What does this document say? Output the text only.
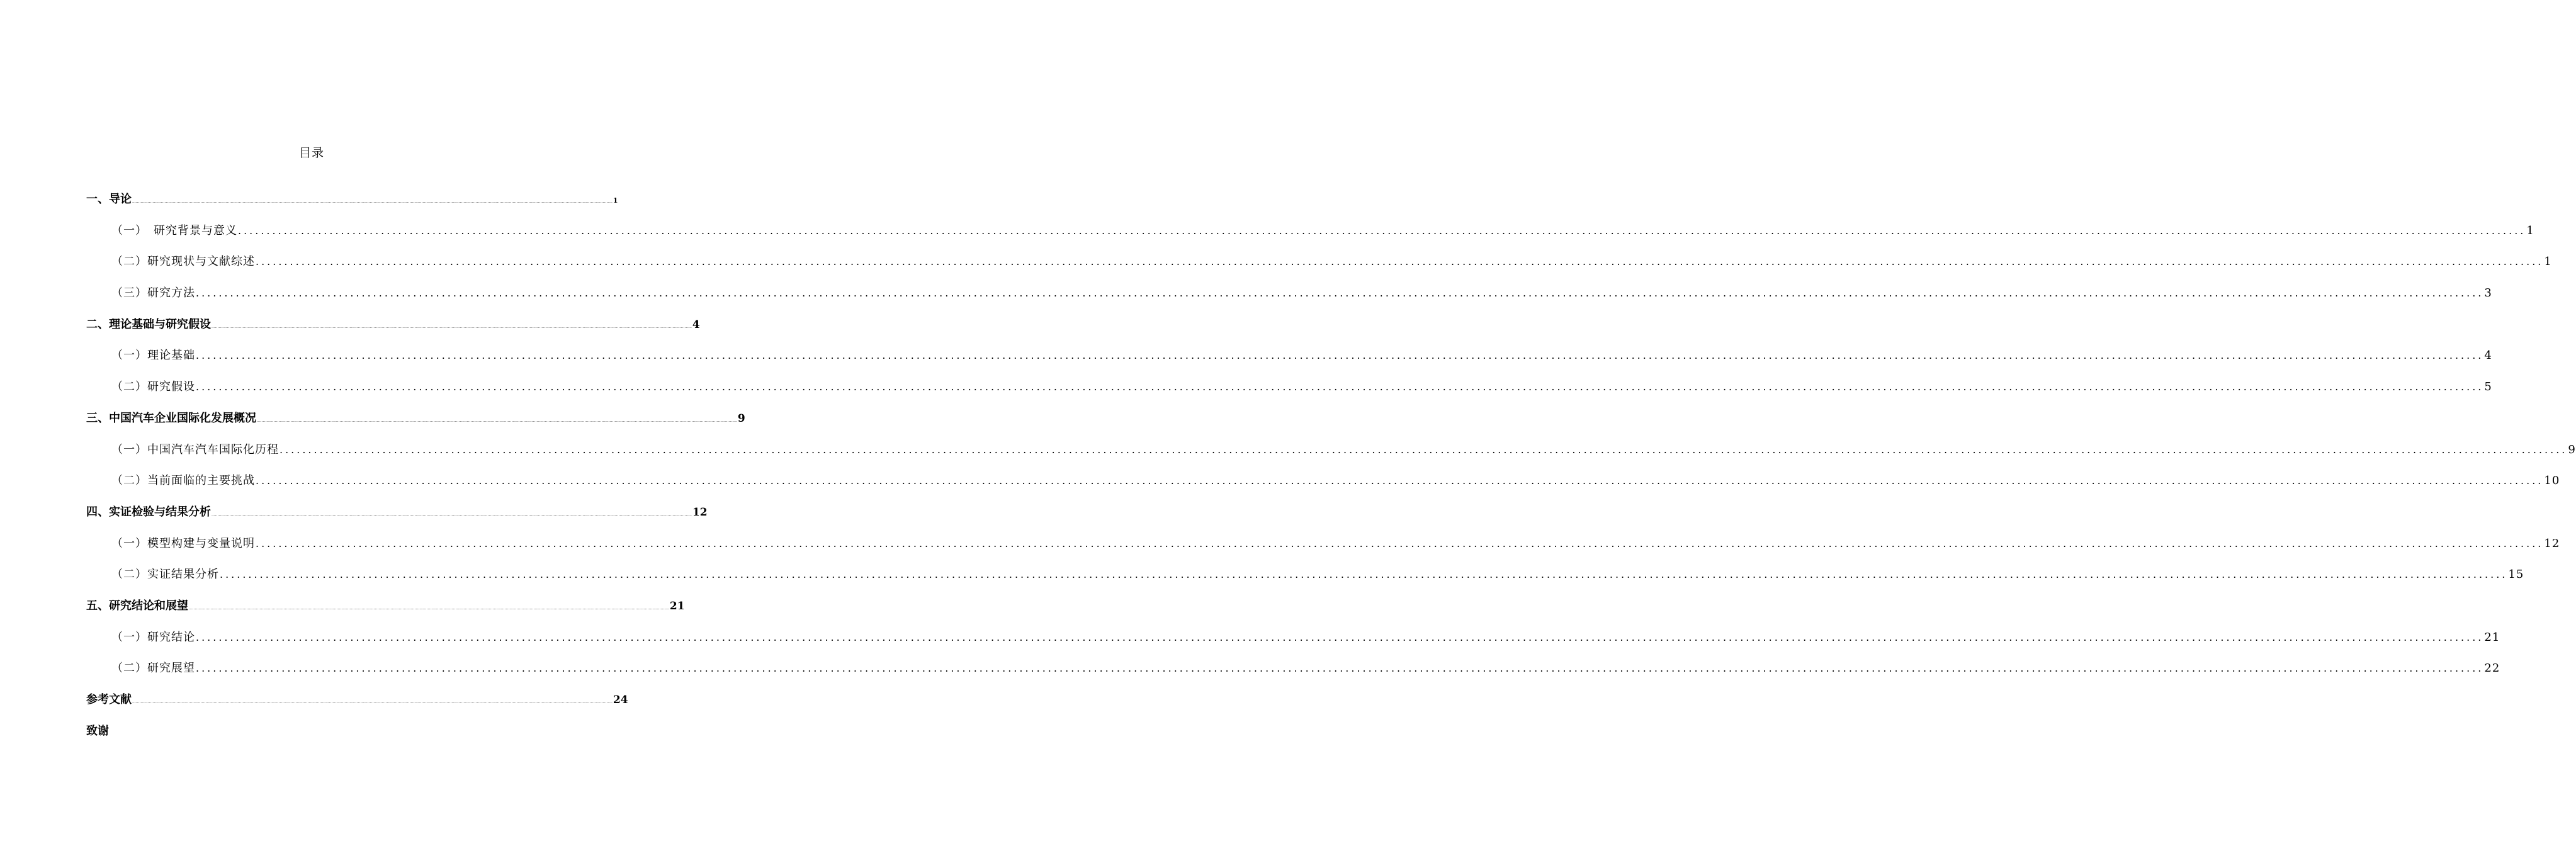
目录
一、导论 ................................................................................................................................................................................................................................................................................................................................................................................................................ 1
（一）　研究背景与意义 ................................................................................................................................................................................................................................................................................................................................................................................................................ 1
（二）研究现状与文献综述 ................................................................................................................................................................................................................................................................................................................................................................................................................ 1
（三）研究方法 ................................................................................................................................................................................................................................................................................................................................................................................................................ 3
二、理论基础与研究假设 ................................................................................................................................................................................................................................................................................................................................................................................................................ 4
（一）理论基础 ................................................................................................................................................................................................................................................................................................................................................................................................................ 4
（二）研究假设 ................................................................................................................................................................................................................................................................................................................................................................................................................ 5
三、中国汽车企业国际化发展概况 ................................................................................................................................................................................................................................................................................................................................................................................................................ 9
（一）中国汽车汽车国际化历程 ................................................................................................................................................................................................................................................................................................................................................................................................................ 9
（二）当前面临的主要挑战 ................................................................................................................................................................................................................................................................................................................................................................................................................ 10
四、实证检验与结果分析 ................................................................................................................................................................................................................................................................................................................................................................................................................ 12
（一）模型构建与变量说明 ................................................................................................................................................................................................................................................................................................................................................................................................................ 12
（二）实证结果分析 ................................................................................................................................................................................................................................................................................................................................................................................................................ 15
五、研究结论和展望 ................................................................................................................................................................................................................................................................................................................................................................................................................ 21
（一）研究结论 ................................................................................................................................................................................................................................................................................................................................................................................................................ 21
（二）研究展望 ................................................................................................................................................................................................................................................................................................................................................................................................................ 22
参考文献 ................................................................................................................................................................................................................................................................................................................................................................................................................ 24
致谢
